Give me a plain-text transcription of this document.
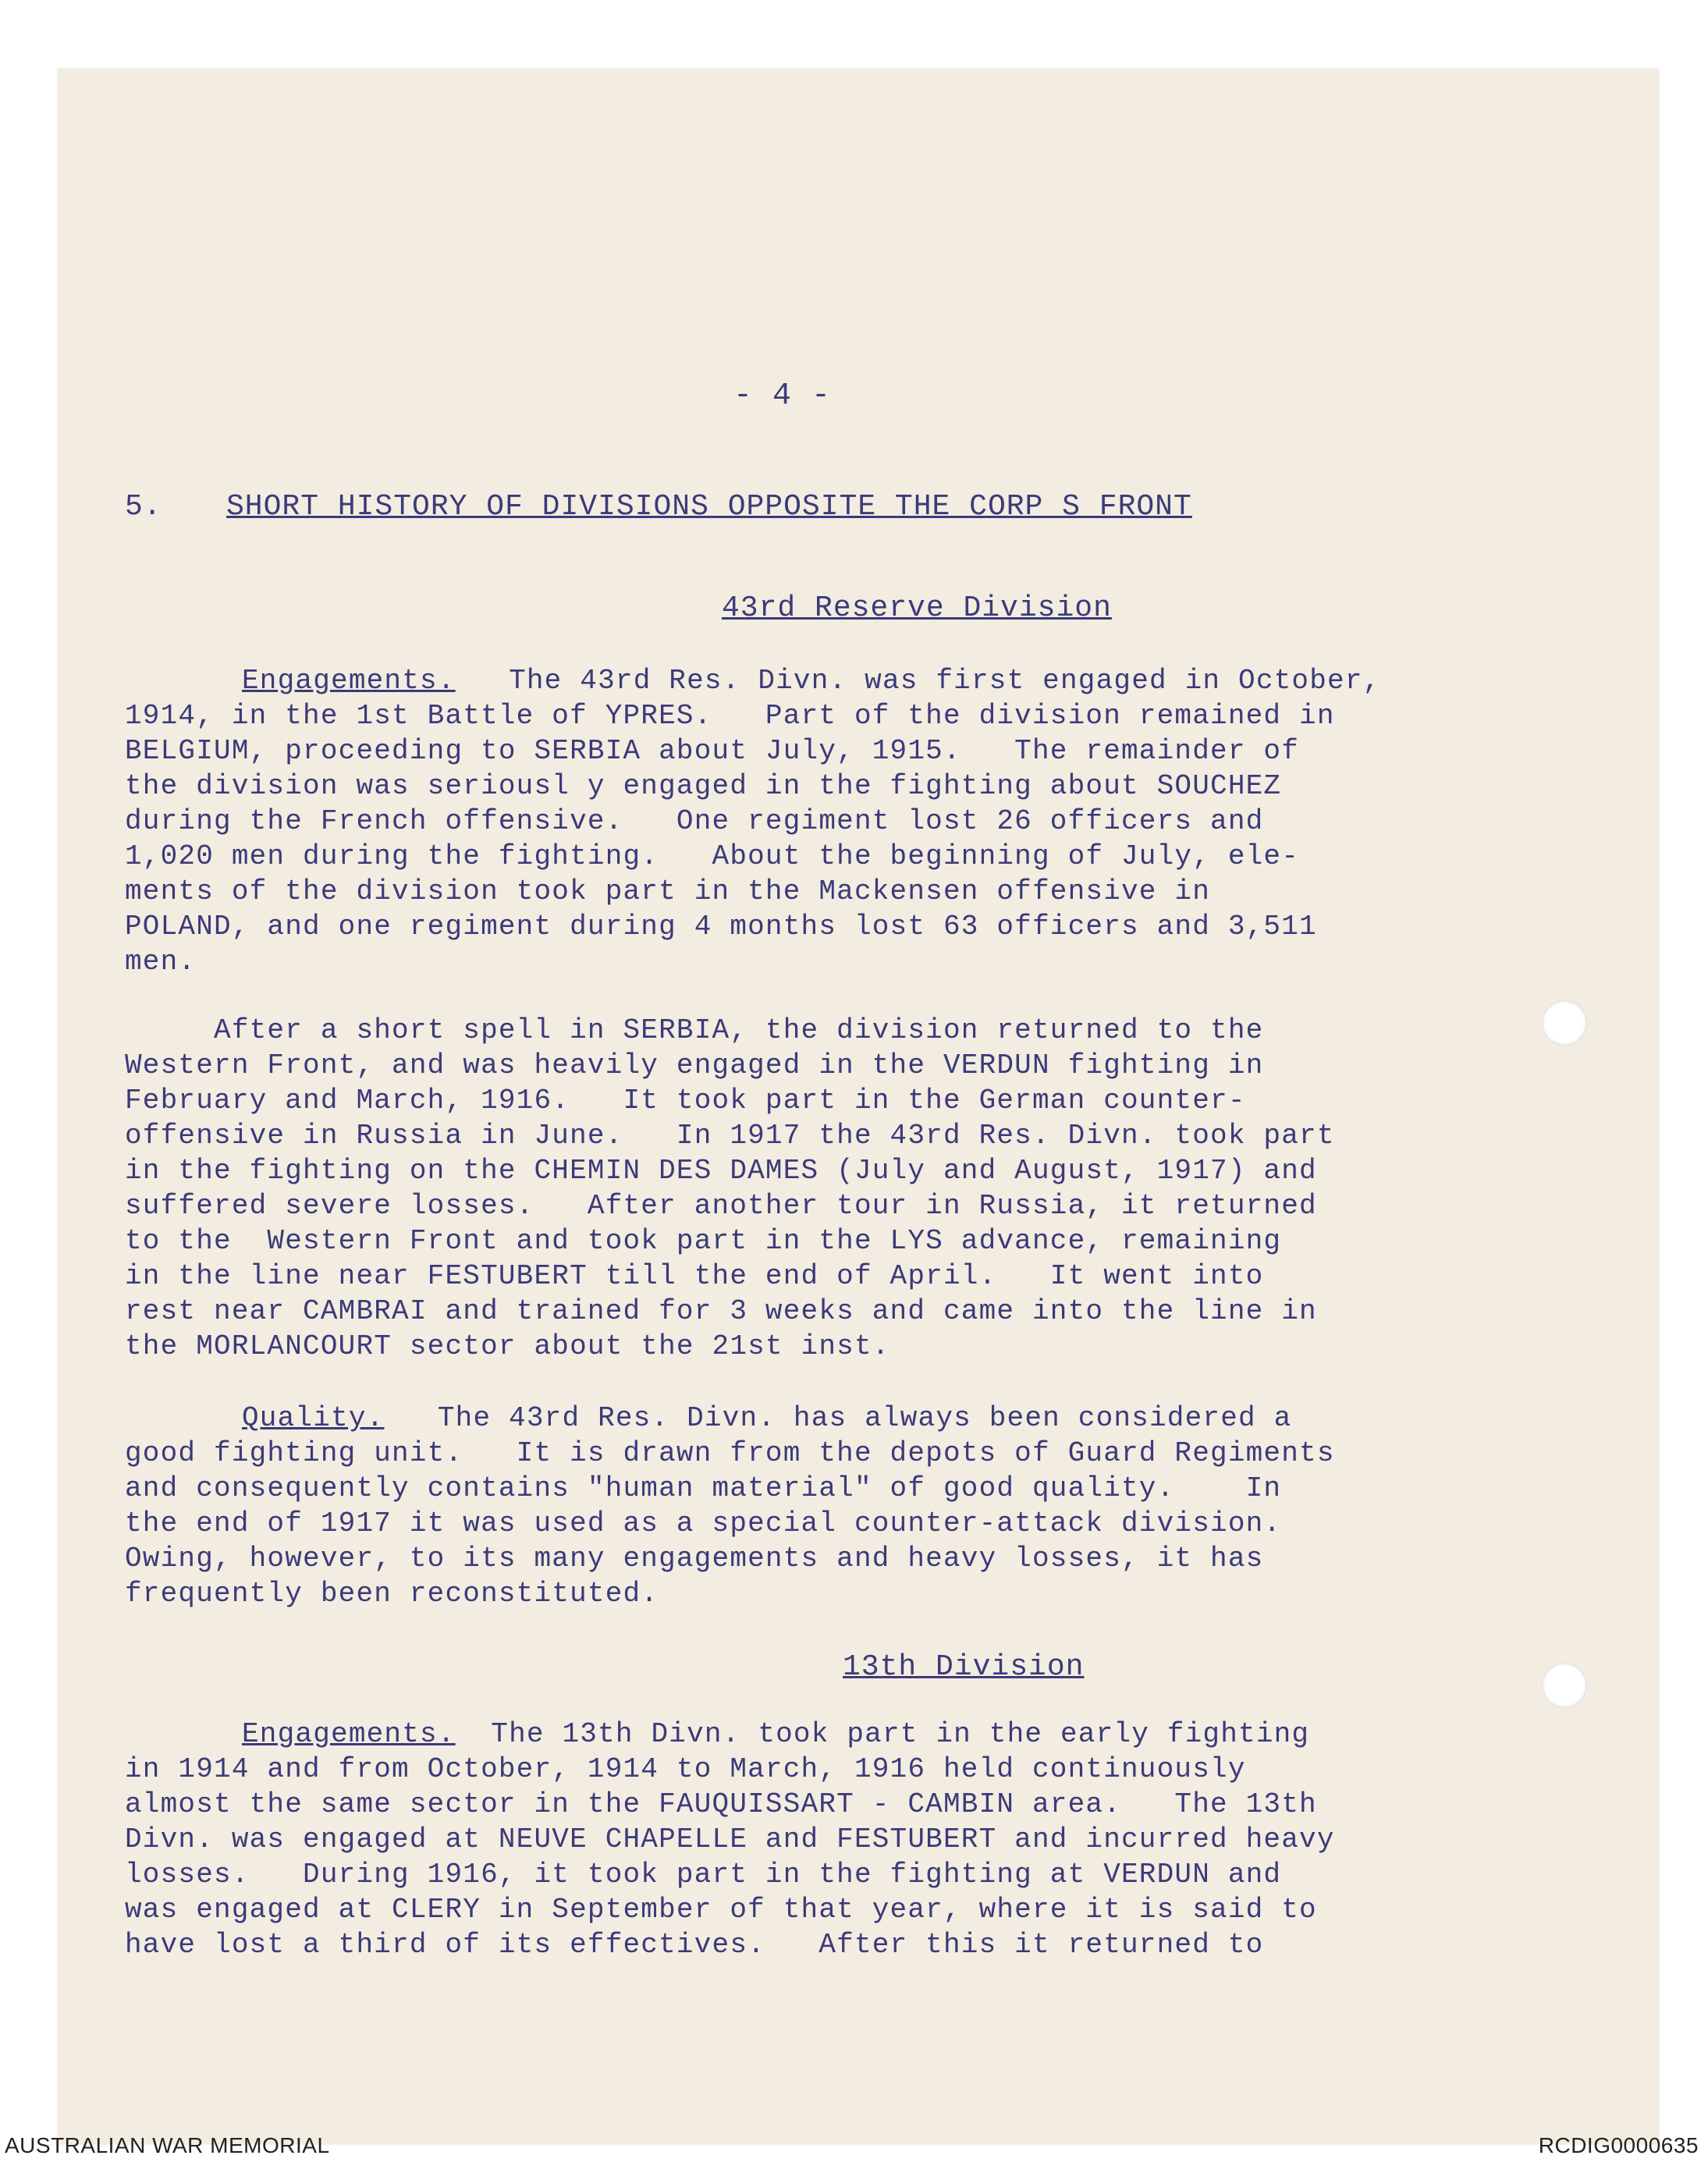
- 4 -
5. SHORT HISTORY OF DIVISIONS OPPOSITE THE CORP S FRONT
43rd Reserve Division
Engagements.   The 43rd Res. Divn. was first engaged in October,
1914, in the 1st Battle of YPRES.   Part of the division remained in
BELGIUM, proceeding to SERBIA about July, 1915.   The remainder of
the division was seriousl y engaged in the fighting about SOUCHEZ
during the French offensive.   One regiment lost 26 officers and
1,020 men during the fighting.   About the beginning of July, ele-
ments of the division took part in the Mackensen offensive in
POLAND, and one regiment during 4 months lost 63 officers and 3,511
men.
After a short spell in SERBIA, the division returned to the
Western Front, and was heavily engaged in the VERDUN fighting in
February and March, 1916.   It took part in the German counter-
offensive in Russia in June.   In 1917 the 43rd Res. Divn. took part
in the fighting on the CHEMIN DES DAMES (July and August, 1917) and
suffered severe losses.   After another tour in Russia, it returned
to the  Western Front and took part in the LYS advance, remaining
in the line near FESTUBERT till the end of April.   It went into
rest near CAMBRAI and trained for 3 weeks and came into the line in
the MORLANCOURT sector about the 21st inst.
Quality.   The 43rd Res. Divn. has always been considered a
good fighting unit.   It is drawn from the depots of Guard Regiments
and consequently contains "human material" of good quality.    In
the end of 1917 it was used as a special counter-attack division.
Owing, however, to its many engagements and heavy losses, it has
frequently been reconstituted.
13th Division
Engagements.  The 13th Divn. took part in the early fighting
in 1914 and from October, 1914 to March, 1916 held continuously
almost the same sector in the FAUQUISSART - CAMBIN area.   The 13th
Divn. was engaged at NEUVE CHAPELLE and FESTUBERT and incurred heavy
losses.   During 1916, it took part in the fighting at VERDUN and
was engaged at CLERY in September of that year, where it is said to
have lost a third of its effectives.   After this it returned to
AUSTRALIAN WAR MEMORIAL	RCDIG0000635
